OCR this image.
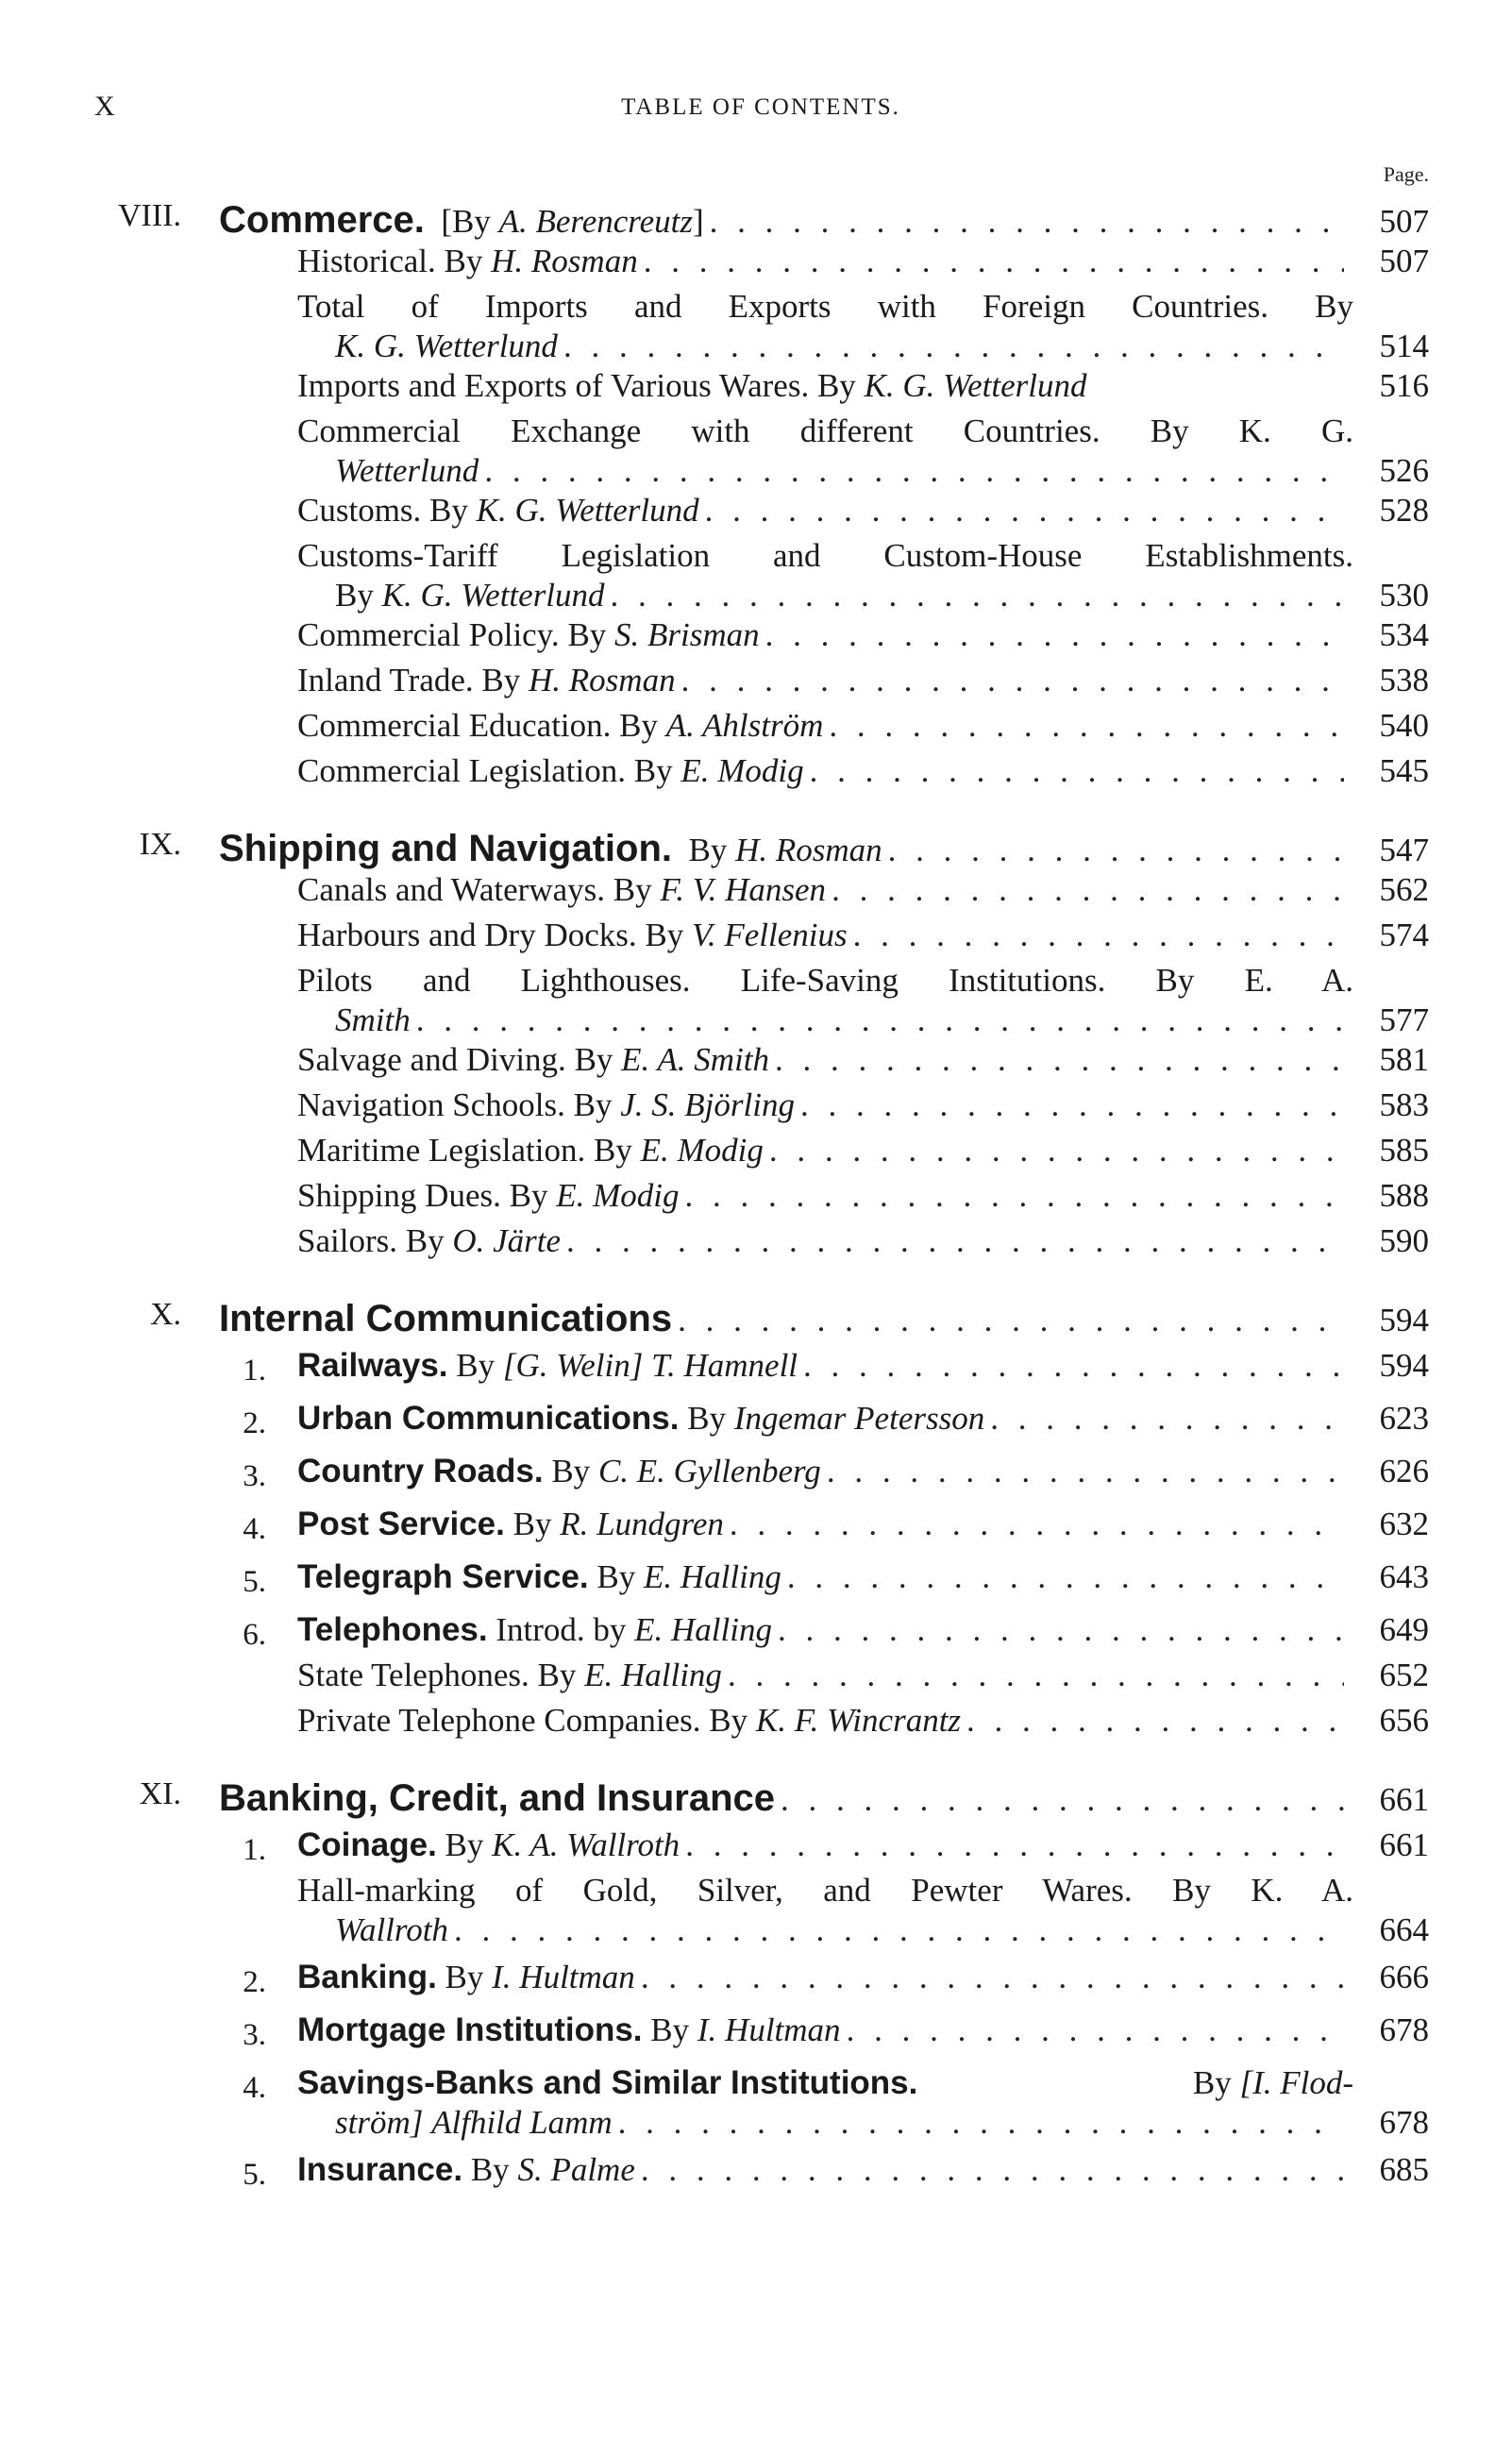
X	TABLE OF CONTENTS.
Page.
VIII. Commerce. [By A. Berencreutz] . . .	507
Historical. By H. Rosman . . .	507
Total of Imports and Exports with Foreign Countries. By
K. G. Wetterlund . . .	514
Imports and Exports of Various Wares. By K. G. Wetterlund	516
Commercial Exchange with different Countries. By K. G.
Wetterlund . . .	526
Customs. By K. G. Wetterlund . . .	528
Customs-Tariff Legislation and Custom-House Establishments.
By K. G. Wetterlund . . .	530
Commercial Policy. By S. Brisman . . .	534
Inland Trade. By H. Rosman . . .	538
Commercial Education. By A. Ahlström . . .	540
Commercial Legislation. By E. Modig . . .	545
IX. Shipping and Navigation. By H. Rosman . . .	547
Canals and Waterways. By F. V. Hansen . . .	562
Harbours and Dry Docks. By V. Fellenius . . .	574
Pilots and Lighthouses. Life-Saving Institutions. By E. A.
Smith . . .	577
Salvage and Diving. By E. A. Smith . . .	581
Navigation Schools. By J. S. Björling . . .	583
Maritime Legislation. By E. Modig . . .	585
Shipping Dues. By E. Modig . . .	588
Sailors. By O. Järte . . .	590
X. Internal Communications . . .	594
1. Railways. By [G. Welin] T. Hamnell . . .	594
2. Urban Communications. By Ingemar Petersson . . .	623
3. Country Roads. By C. E. Gyllenberg . . .	626
4. Post Service. By R. Lundgren . . .	632
5. Telegraph Service. By E. Halling . . .	643
6. Telephones. Introd. by E. Halling . . .	649
State Telephones. By E. Halling . . .	652
Private Telephone Companies. By K. F. Wincrantz . . .	656
XI. Banking, Credit, and Insurance . . .	661
1. Coinage. By K. A. Wallroth . . .	661
Hall-marking of Gold, Silver, and Pewter Wares. By K. A.
Wallroth . . .	664
2. Banking. By I. Hultman . . .	666
3. Mortgage Institutions. By I. Hultman . . .	678
4. Savings-Banks and Similar Institutions.	By [I. Flod-
ström] Alfhild Lamm . . .	678
5. Insurance. By S. Palme . . .	685
